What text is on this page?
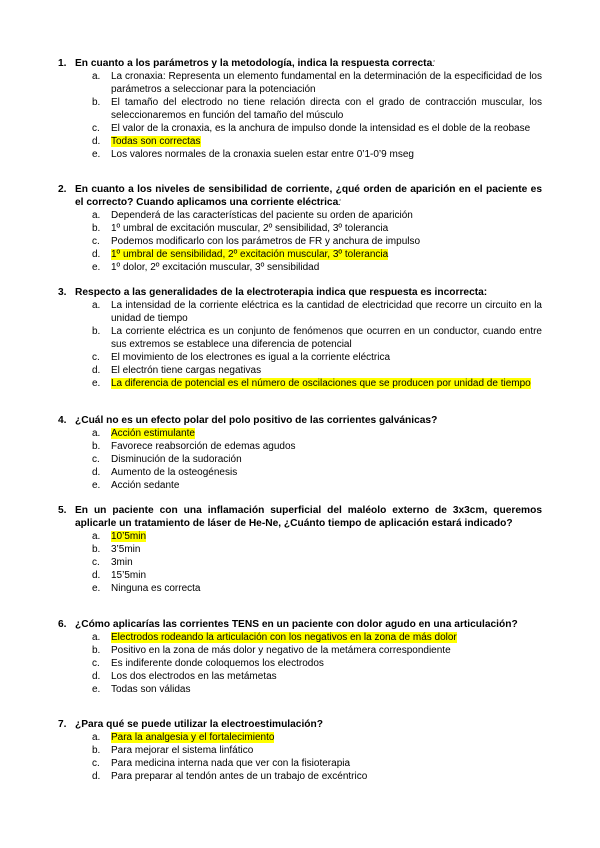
1. En cuanto a los parámetros y la metodología, indica la respuesta correcta:
a. La cronaxia: Representa un elemento fundamental en la determinación de la especificidad de los parámetros a seleccionar para la potenciación
b. El tamaño del electrodo no tiene relación directa con el grado de contracción muscular, los seleccionaremos en función del tamaño del músculo
c. El valor de la cronaxia, es la anchura de impulso donde la intensidad es el doble de la reobase
d. Todas son correctas
e. Los valores normales de la cronaxia suelen estar entre 0’1-0’9 mseg
2. En cuanto a los niveles de sensibilidad de corriente, ¿qué orden de aparición en el paciente es el correcto? Cuando aplicamos una corriente eléctrica:
a. Dependerá de las características del paciente su orden de aparición
b. 1º umbral de excitación muscular, 2º sensibilidad, 3º tolerancia
c. Podemos modificarlo con los parámetros de FR y anchura de impulso
d. 1º umbral de sensibilidad, 2º excitación muscular, 3º tolerancia
e. 1º dolor, 2º excitación muscular, 3º sensibilidad
3. Respecto a las generalidades de la electroterapia indica que respuesta es incorrecta:
a. La intensidad de la corriente eléctrica es la cantidad de electricidad que recorre un circuito en la unidad de tiempo
b. La corriente eléctrica es un conjunto de fenómenos que ocurren en un conductor, cuando entre sus extremos se establece una diferencia de potencial
c. El movimiento de los electrones es igual a la corriente eléctrica
d. El electrón tiene cargas negativas
e. La diferencia de potencial es el número de oscilaciones que se producen por unidad de tiempo
4. ¿Cuál no es un efecto polar del polo positivo de las corrientes galvánicas?
a. Acción estimulante
b. Favorece reabsorción de edemas agudos
c. Disminución de la sudoración
d. Aumento de la osteogénesis
e. Acción sedante
5. En un paciente con una inflamación superficial del maléolo externo de 3x3cm, queremos aplicarle un tratamiento de láser de He-Ne, ¿Cuánto tiempo de aplicación estará indicado?
a. 10’5min
b. 3’5min
c. 3min
d. 15’5min
e. Ninguna es correcta
6. ¿Cómo aplicarías las corrientes TENS en un paciente con dolor agudo en una articulación?
a. Electrodos rodeando la articulación con los negativos en la zona de más dolor
b. Positivo en la zona de más dolor y negativo de la metámera correspondiente
c. Es indiferente donde coloquemos los electrodos
d. Los dos electrodos en las metámetas
e. Todas son válidas
7. ¿Para qué se puede utilizar la electroestimulación?
a. Para la analgesia y el fortalecimiento
b. Para mejorar el sistema linfático
c. Para medicina interna nada que ver con la fisioterapia
d. Para preparar al tendón antes de un trabajo de excéntrico
